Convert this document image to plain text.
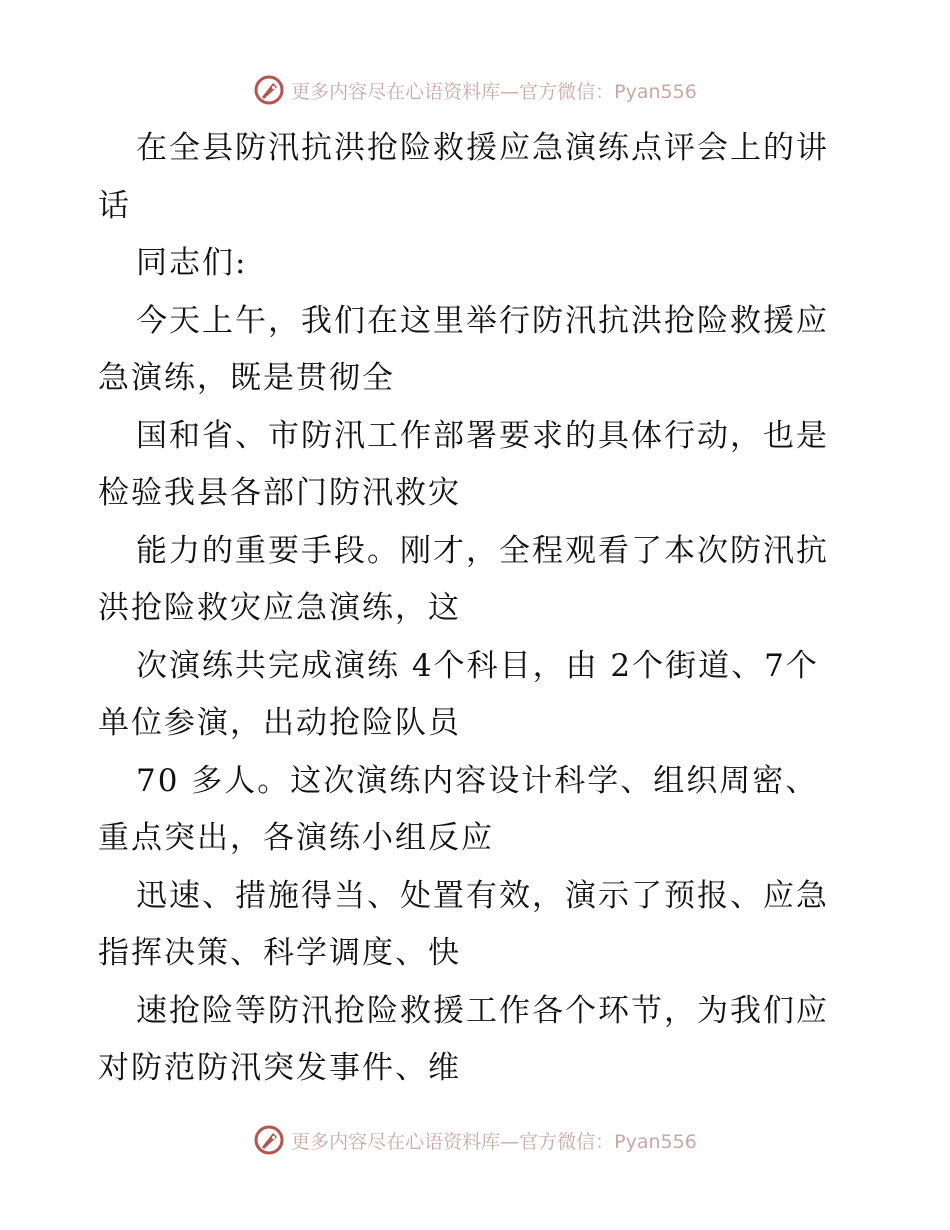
更多内容尽在心语资料库—官方微信：Pyan556
在全县防汛抗洪抢险救援应急演练点评会上的讲
话
同志们:
今天上午，我们在这里举行防汛抗洪抢险救援应
急演练，既是贯彻全
国和省、市防汛工作部署要求的具体行动，也是
检验我县各部门防汛救灾
能力的重要手段。刚才，全程观看了本次防汛抗
洪抢险救灾应急演练，这
次演练共完成演练 4个科目，由 2个街道、7个
单位参演，出动抢险队员
70 多人。这次演练内容设计科学、组织周密、
重点突出，各演练小组反应
迅速、措施得当、处置有效，演示了预报、应急
指挥决策、科学调度、快
速抢险等防汛抢险救援工作各个环节，为我们应
对防范防汛突发事件、维
更多内容尽在心语资料库—官方微信：Pyan556
